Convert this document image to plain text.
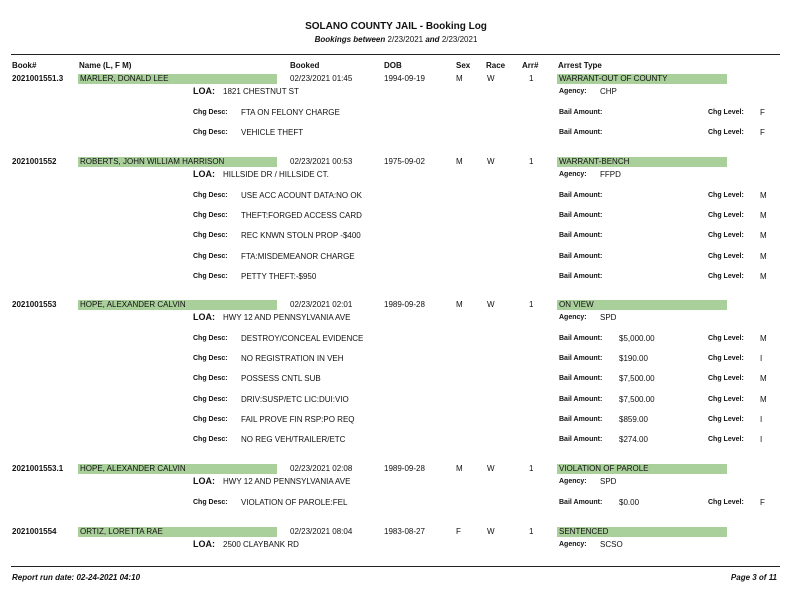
SOLANO COUNTY JAIL - Booking Log
Bookings between 2/23/2021 and 2/23/2021
Book#	Name (L, F M)	Booked	DOB	Sex Race Arr# Arrest Type
2021001551.3 MARLER, DONALD LEE	02/23/2021 01:45	1994-09-19	M	W	1	WARRANT-OUT OF COUNTY
LOA: 1821 CHESTNUT ST	Agency: CHP
Chg Desc: FTA ON FELONY CHARGE	Bail Amount:	Chg Level: F
Chg Desc: VEHICLE THEFT	Bail Amount:	Chg Level: F
2021001552	ROBERTS, JOHN WILLIAM HARRISON	02/23/2021 00:53	1975-09-02	M	W	1	WARRANT-BENCH
LOA: HILLSIDE DR / HILLSIDE CT.	Agency: FFPD
Chg Desc: USE ACC ACOUNT DATA:NO OK	Bail Amount:	Chg Level: M
Chg Desc: THEFT:FORGED ACCESS CARD	Bail Amount:	Chg Level: M
Chg Desc: REC KNWN STOLN PROP -$400	Bail Amount:	Chg Level: M
Chg Desc: FTA:MISDEMEANOR CHARGE	Bail Amount:	Chg Level: M
Chg Desc: PETTY THEFT:-$950	Bail Amount:	Chg Level: M
2021001553	HOPE, ALEXANDER CALVIN	02/23/2021 02:01	1989-09-28	M	W	1	ON VIEW
LOA: HWY 12 AND PENNSYLVANIA AVE	Agency: SPD
Chg Desc: DESTROY/CONCEAL EVIDENCE	Bail Amount: $5,000.00	Chg Level: M
Chg Desc: NO REGISTRATION IN VEH	Bail Amount: $190.00	Chg Level: I
Chg Desc: POSSESS CNTL SUB	Bail Amount: $7,500.00	Chg Level: M
Chg Desc: DRIV:SUSP/ETC LIC:DUI:VIO	Bail Amount: $7,500.00	Chg Level: M
Chg Desc: FAIL PROVE FIN RSP:PO REQ	Bail Amount: $859.00	Chg Level: I
Chg Desc: NO REG VEH/TRAILER/ETC	Bail Amount: $274.00	Chg Level: I
2021001553.1 HOPE, ALEXANDER CALVIN	02/23/2021 02:08	1989-09-28	M	W	1	VIOLATION OF PAROLE
LOA: HWY 12 AND PENNSYLVANIA AVE	Agency: SPD
Chg Desc: VIOLATION OF PAROLE:FEL	Bail Amount: $0.00	Chg Level: F
2021001554	ORTIZ, LORETTA RAE	02/23/2021 08:04	1983-08-27	F	W	1	SENTENCED
LOA: 2500 CLAYBANK RD	Agency: SCSO
Report run date: 02-24-2021 04:10	Page 3 of 11
